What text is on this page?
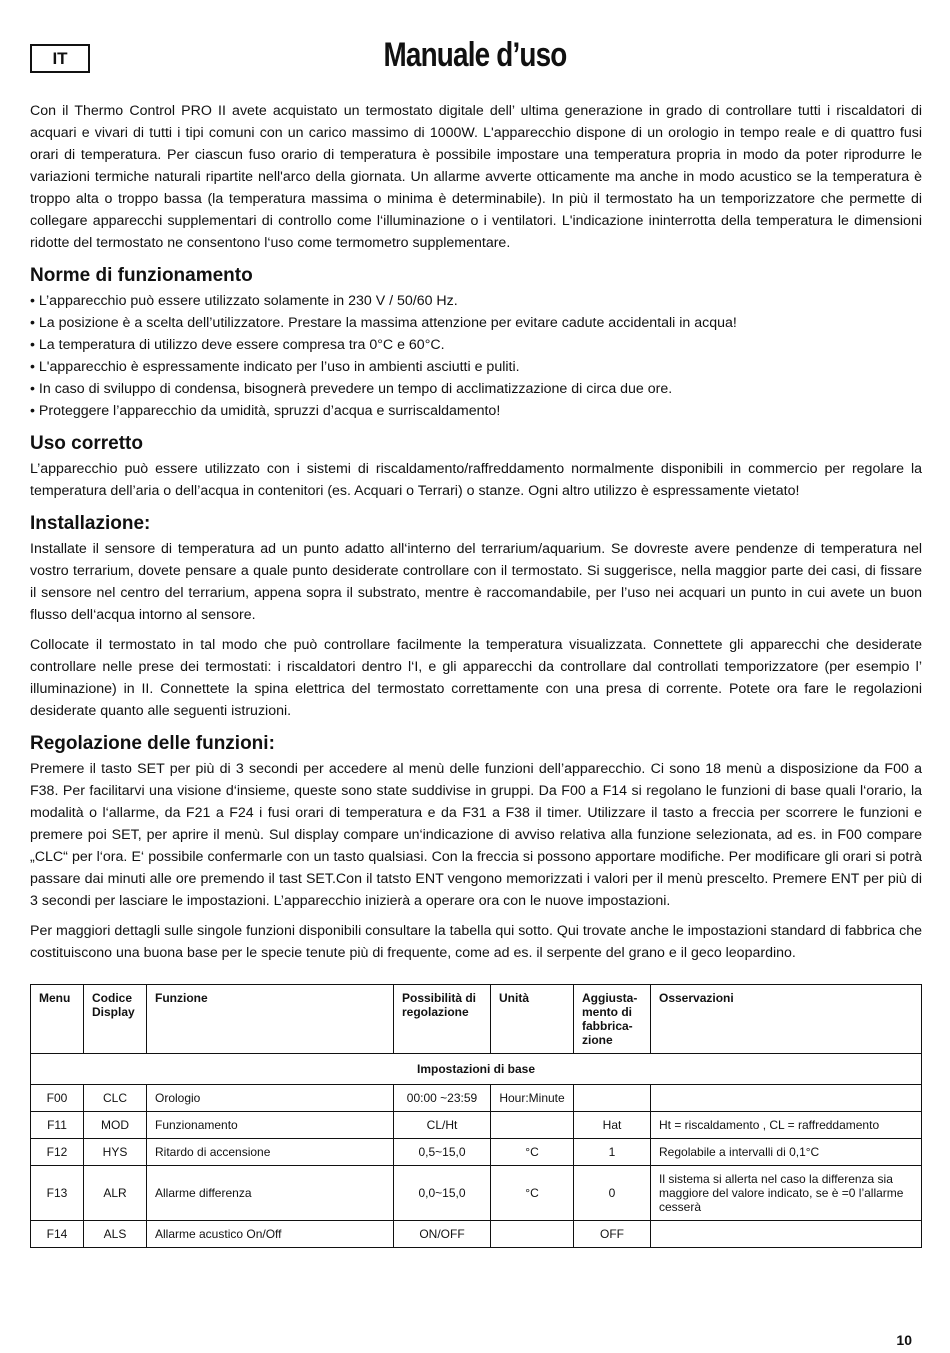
IT	Manuale d’uso

Con il Thermo Control PRO II avete acquistato un termostato digitale dell’ ultima generazione in grado di controllare tutti i riscaldatori di acquari e vivari di tutti i tipi comuni con un carico massimo di 1000W. L'apparecchio dispone di un orologio in tempo reale e di quattro fusi orari di temperatura. Per ciascun fuso orario di temperatura è possibile impostare una temperatura propria in modo da poter riprodurre le variazioni termiche naturali ripartite nell'arco della giornata. Un allarme avverte otticamente ma anche in modo acustico se la temperatura è troppo alta o troppo bassa (la temperatura massima o minima è determinabile). In più il termostato ha un temporizzatore che permette di collegare apparecchi supplementari di controllo come l‘illuminazione o i ventilatori. L'indicazione ininterrotta della temperatura le dimensioni ridotte del termostato ne consentono l‘uso come termometro supplementare.

Norme di funzionamento
• L’apparecchio può essere utilizzato solamente in 230 V / 50/60 Hz.
• La posizione è a scelta dell’utilizzatore. Prestare la massima attenzione per evitare cadute accidentali in acqua!
• La temperatura di utilizzo deve essere compresa tra 0°C e 60°C.
• L'apparecchio è espressamente indicato per l’uso in ambienti asciutti e puliti.
• In caso di sviluppo di condensa, bisognerà prevedere un tempo di acclimatizzazione di circa due ore.
• Proteggere l’apparecchio da umidità, spruzzi d’acqua e surriscaldamento!
Uso corretto

L’apparecchio può essere utilizzato con i sistemi di riscaldamento/raffreddamento normalmente disponibili in commercio per regolare la temperatura dell’aria o dell’acqua in contenitori (es. Acquari o Terrari) o stanze. Ogni altro utilizzo è espressamente vietato!

Installazione:

Installate il sensore di temperatura ad un punto adatto all‘interno del terrarium/aquarium. Se dovreste avere pendenze di temperatura nel vostro terrarium, dovete pensare a quale punto desiderate controllare con il termostato. Si suggerisce, nella maggior parte dei casi, di fissare il sensore nel centro del terrarium, appena sopra il substrato, mentre è raccomandabile, per l’uso nei acquari un punto in cui avete un buon flusso dell‘acqua intorno al sensore.

Collocate il termostato in tal modo che può controllare facilmente la temperatura visualizzata. Connettete gli apparecchi che desiderate controllare nelle prese dei termostati: i riscaldatori dentro l‘I, e gli apparecchi da controllare dal controllati temporizzatore (per esempio l’ illuminazione) in II. Connettete la spina elettrica del termostato correttamente con una presa di corrente. Potete ora fare le regolazioni desiderate quanto alle seguenti istruzioni.

Regolazione delle funzioni:

Premere il tasto SET per più di 3 secondi per accedere al menù delle funzioni dell’apparecchio. Ci sono 18 menù a disposizione da F00 a F38. Per facilitarvi una visione d‘insieme, queste sono state suddivise in gruppi. Da F00 a F14 si regolano le funzioni di base quali l‘orario, la modalità o l‘allarme, da F21 a F24 i fusi orari di temperatura e da F31 a F38 il timer. Utilizzare il tasto a freccia per scorrere le funzioni e premere poi SET, per aprire il menù. Sul display compare un‘indicazione di avviso relativa alla funzione selezionata, ad es. in F00 compare „CLC“ per l‘ora. E‘ possibile confermarle con un tasto qualsiasi. Con la freccia si possono apportare modifiche. Per modificare gli orari si potrà passare dai minuti alle ore premendo il tast SET.Con il tatsto ENT vengono memorizzati i valori per il menù prescelto. Premere ENT per più di 3 secondi per lasciare le impostazioni. L’apparecchio inizierà a operare ora con le nuove impostazioni.

Per maggiori dettagli sulle singole funzioni disponibili consultare la tabella qui sotto. Qui trovate anche le impostazioni standard di fabbrica che costituiscono una buona base per le specie tenute più di frequente, come ad es. il serpente del grano e il geco leopardino.

Menu	Codice Display	Funzione	Possibilità di regolazione	Unità	Aggiusta-mento di fabbrica-zione	Osservazioni
Impostazioni di base						
F00	CLC	Orologio	00:00 ~23:59	Hour:Minute		
F11	MOD	Funzionamento	CL/Ht		Hat	Ht = riscaldamento , CL = raffreddamento
F12	HYS	Ritardo di accensione	0,5~15,0	°C	1	Regolabile a intervalli di 0,1°C
F13	ALR	Allarme differenza	0,0~15,0	°C	0	Il sistema si allerta nel caso la differenza sia maggiore del valore indicato, se è =0 l’allarme cesserà
F14	ALS	Allarme acustico On/Off	ON/OFF		OFF	
10
